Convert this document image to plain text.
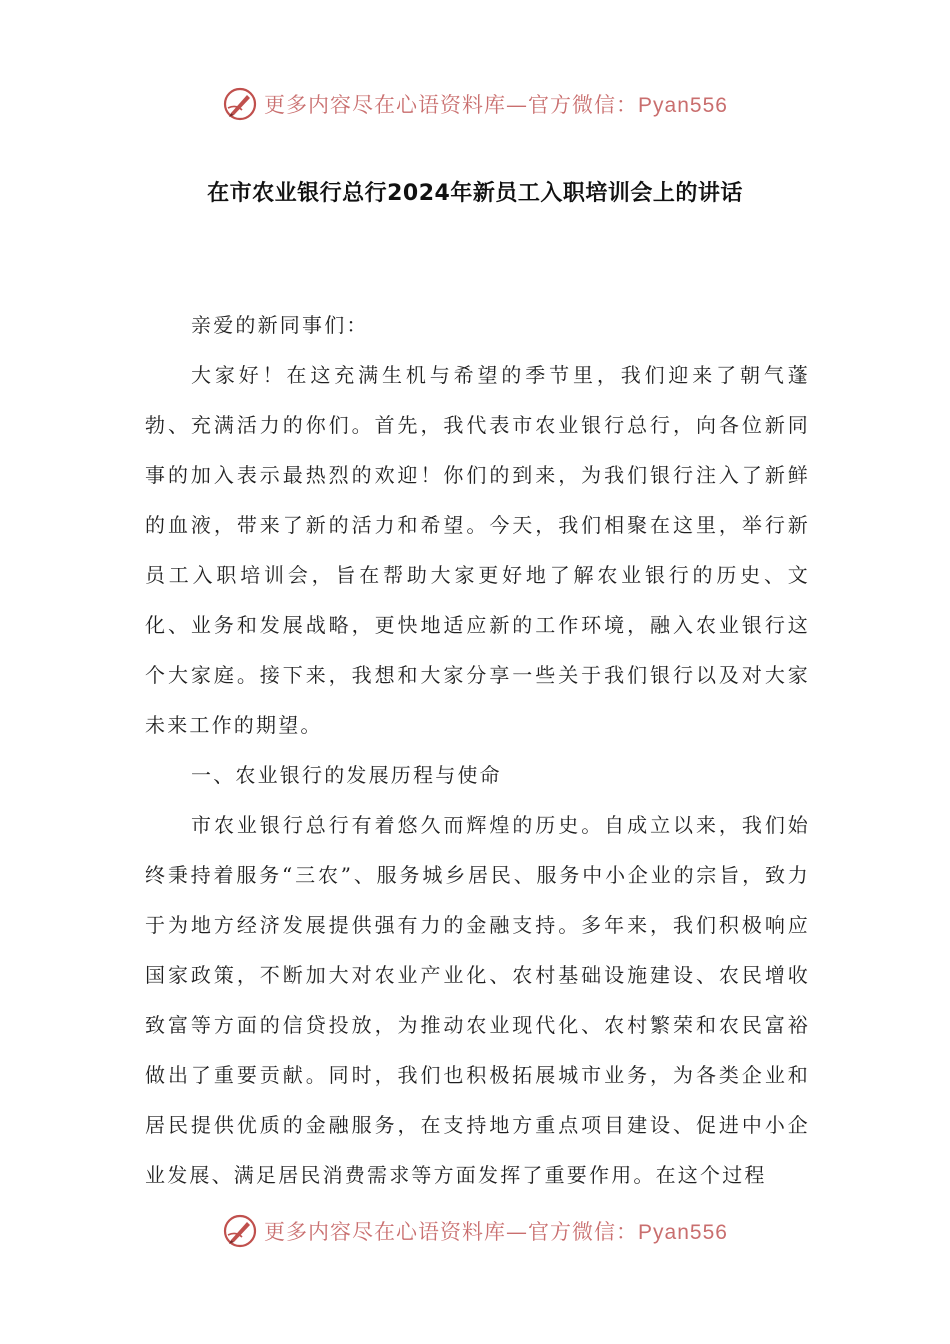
更多内容尽在心语资料库—官方微信：Pyan556
在市农业银行总行2024年新员工入职培训会上的讲话

亲爱的新同事们：

大家好！在这充满生机与希望的季节里，我们迎来了朝气蓬勃、充满活力的你们。首先，我代表市农业银行总行，向各位新同事的加入表示最热烈的欢迎！你们的到来，为我们银行注入了新鲜的血液，带来了新的活力和希望。今天，我们相聚在这里，举行新员工入职培训会，旨在帮助大家更好地了解农业银行的历史、文化、业务和发展战略，更快地适应新的工作环境，融入农业银行这个大家庭。接下来，我想和大家分享一些关于我们银行以及对大家未来工作的期望。

一、农业银行的发展历程与使命

市农业银行总行有着悠久而辉煌的历史。自成立以来，我们始终秉持着服务“三农”、服务城乡居民、服务中小企业的宗旨，致力于为地方经济发展提供强有力的金融支持。多年来，我们积极响应国家政策，不断加大对农业产业化、农村基础设施建设、农民增收致富等方面的信贷投放，为推动农业现代化、农村繁荣和农民富裕做出了重要贡献。同时，我们也积极拓展城市业务，为各类企业和居民提供优质的金融服务，在支持地方重点项目建设、促进中小企业发展、满足居民消费需求等方面发挥了重要作用。在这个过程

更多内容尽在心语资料库—官方微信：Pyan556
